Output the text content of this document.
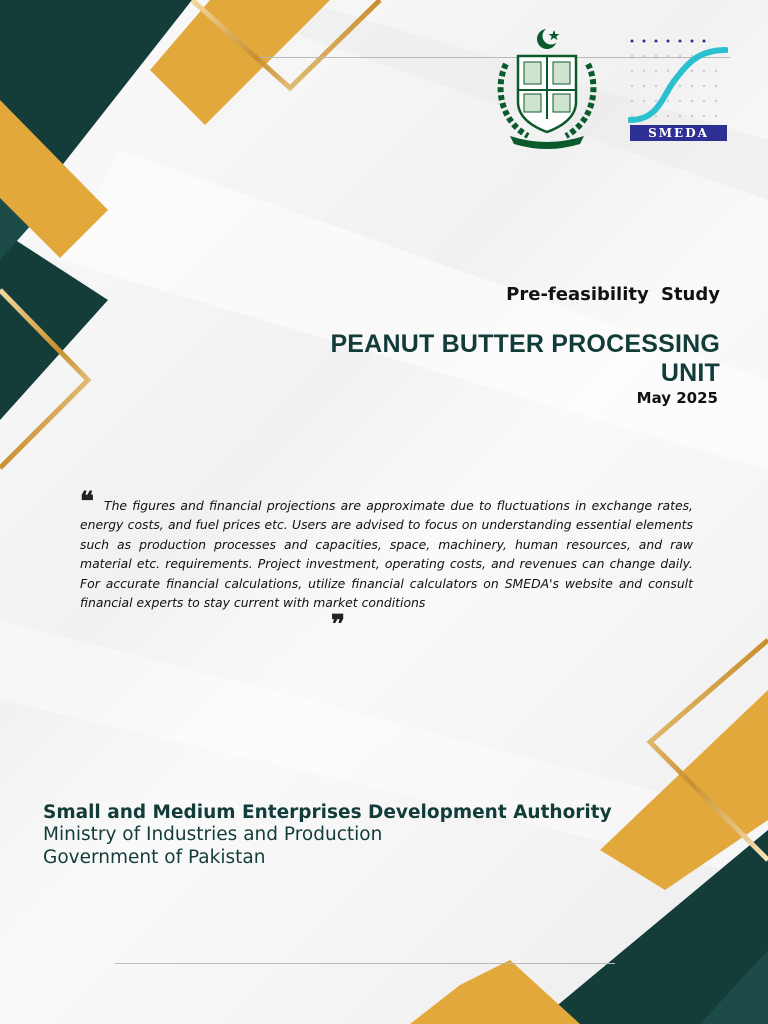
SMEDA
Pre-feasibility Study
PEANUT BUTTER PROCESSING
UNIT
May 2025
❝ The figures and financial projections are approximate due to fluctuations in exchange rates, energy costs, and fuel prices etc. Users are advised to focus on understanding essential elements such as production processes and capacities, space, machinery, human resources, and raw material etc. requirements. Project investment, operating costs, and revenues can change daily. For accurate financial calculations, utilize financial calculators on SMEDA's website and consult financial experts to stay current with market conditions
❞
Small and Medium Enterprises Development Authority
Ministry of Industries and Production
Government of Pakistan
